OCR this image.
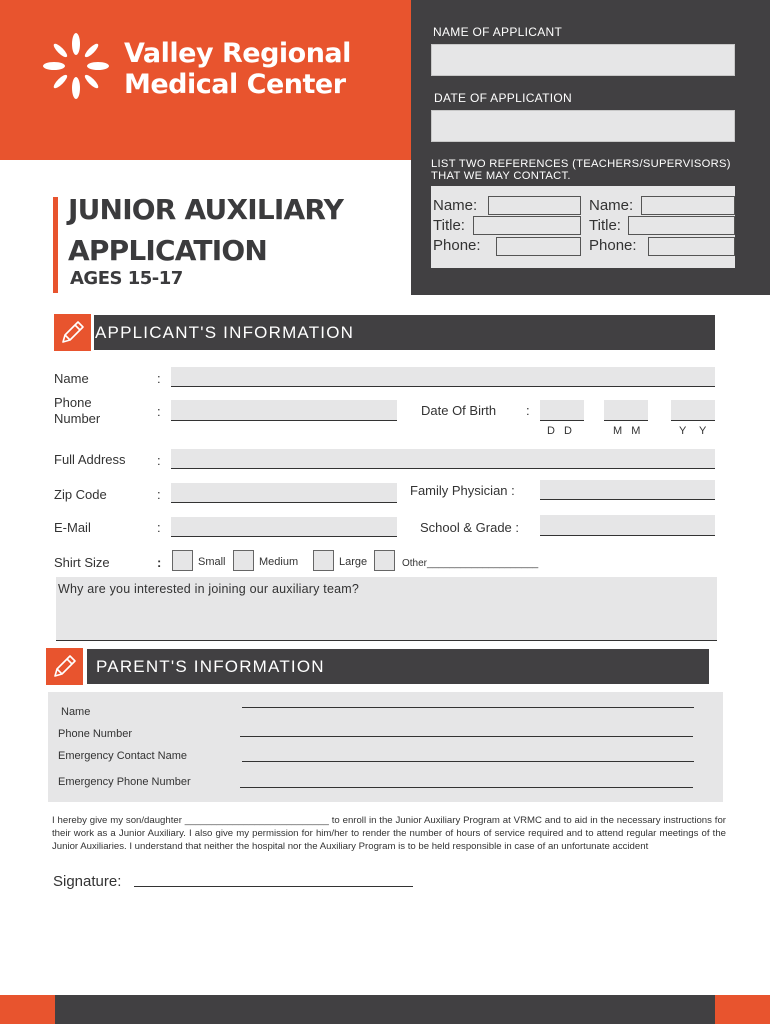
Valley Regional
Medical Center
NAME OF APPLICANT
DATE OF APPLICATION
LIST TWO REFERENCES (TEACHERS/SUPERVISORS)
THAT WE MAY CONTACT.
Name:
Title:
Phone:
Name:
Title:
Phone:
JUNIOR AUXILIARY
APPLICATION
AGES 15-17
APPLICANT'S INFORMATION
Name	:
Phone
Number	:	Date Of Birth :
D D	M M	Y Y
Full Address :
Zip Code	:	Family Physician :
E-Mail	:	School & Grade :
Shirt Size	:	Small	Medium	Large	Other____________________
Why are you interested in joining our auxiliary team?
PARENT'S INFORMATION
Name
Phone Number
Emergency Contact Name
Emergency Phone Number
I hereby give my son/daughter ___________________________ to enroll in the Junior Auxiliary Program at VRMC and to aid in the necessary instructions for their work as a Junior Auxiliary. I also give my permission for him/her to render the number of hours of service required and to attend regular meetings of the Junior Auxiliaries. I understand that neither the hospital nor the Auxiliary Program is to be held responsible in case of an unfortunate accident
Signature:
